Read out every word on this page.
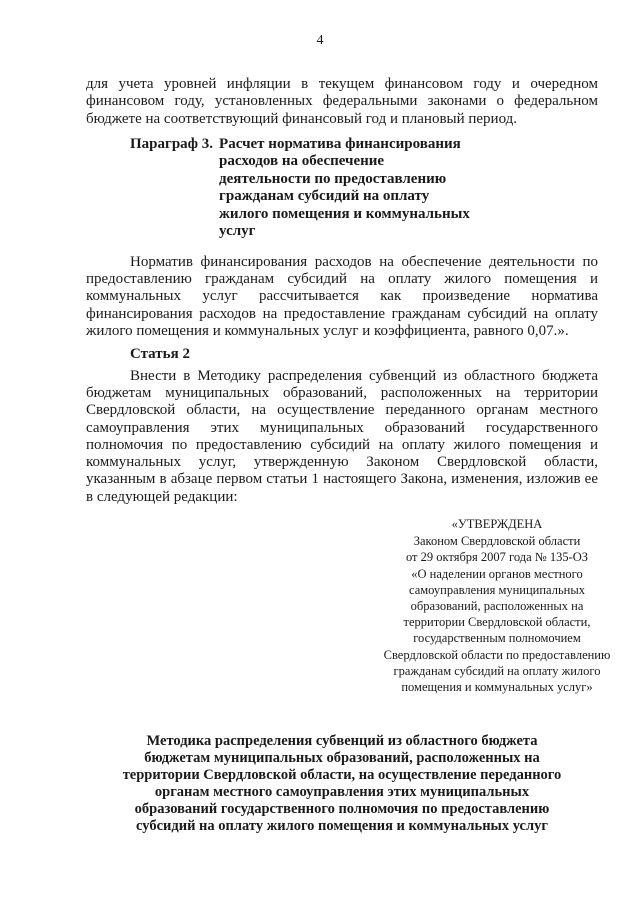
4

для учета уровней инфляции в текущем финансовом году и очередном финансовом году, установленных федеральными законами о федеральном бюджете на соответствующий финансовый год и плановый период.

Параграф 3. Расчет норматива финансирования расходов на обеспечение деятельности по предоставлению гражданам субсидий на оплату жилого помещения и коммунальных услуг

Норматив финансирования расходов на обеспечение деятельности по предоставлению гражданам субсидий на оплату жилого помещения и коммунальных услуг рассчитывается как произведение норматива финансирования расходов на предоставление гражданам субсидий на оплату жилого помещения и коммунальных услуг и коэффициента, равного 0,07.».

Статья 2

Внести в Методику распределения субвенций из областного бюджета бюджетам муниципальных образований, расположенных на территории Свердловской области, на осуществление переданного органам местного самоуправления этих муниципальных образований государственного полномочия по предоставлению субсидий на оплату жилого помещения и коммунальных услуг, утвержденную Законом Свердловской области, указанным в абзаце первом статьи 1 настоящего Закона, изменения, изложив ее в следующей редакции:

«УТВЕРЖДЕНА
Законом Свердловской области
от 29 октября 2007 года № 135-ОЗ
«О наделении органов местного самоуправления муниципальных образований, расположенных на территории Свердловской области, государственным полномочием Свердловской области по предоставлению гражданам субсидий на оплату жилого помещения и коммунальных услуг»
Методика распределения субвенций из областного бюджета бюджетам муниципальных образований, расположенных на территории Свердловской области, на осуществление переданного органам местного самоуправления этих муниципальных образований государственного полномочия по предоставлению субсидий на оплату жилого помещения и коммунальных услуг
